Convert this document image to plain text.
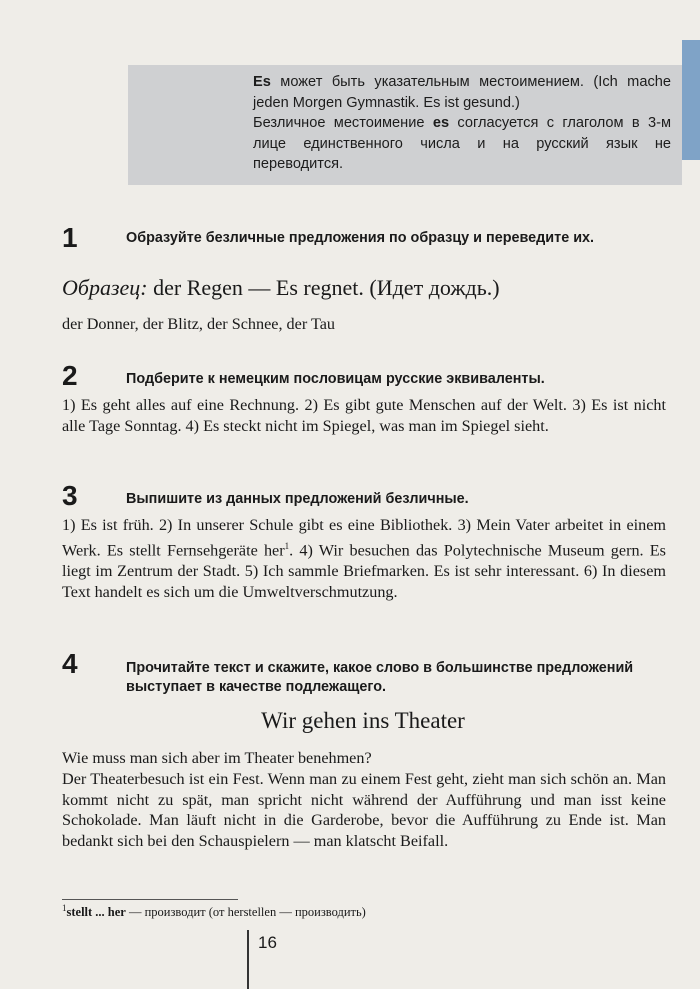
Es может быть указательным местоимением. (Ich mache jeden Morgen Gymnastik. Es ist gesund.)
Безличное местоимение es согласуется с глаголом в 3-м лице единственного числа и на русский язык не переводится.
1	Образуйте безличные предложения по образцу и переведите их.
Образец: der Regen — Es regnet. (Идет дождь.)
der Donner, der Blitz, der Schnee, der Tau
2	Подберите к немецким пословицам русские эквиваленты.
1) Es geht alles auf eine Rechnung. 2) Es gibt gute Menschen auf der Welt. 3) Es ist nicht alle Tage Sonntag. 4) Es steckt nicht im Spiegel, was man im Spiegel sieht.
3	Выпишите из данных предложений безличные.
1) Es ist früh. 2) In unserer Schule gibt es eine Bibliothek. 3) Mein Vater arbeitet in einem Werk. Es stellt Fernsehgeräte her$^1$. 4) Wir besuchen das Polytechnische Museum gern. Es liegt im Zentrum der Stadt. 5) Ich sammle Briefmarken. Es ist sehr interessant. 6) In diesem Text handelt es sich um die Umweltverschmutzung.
4	Прочитайте текст и скажите, какое слово в большинстве предложений выступает в качестве подлежащего.
Wir gehen ins Theater
Wie muss man sich aber im Theater benehmen?
Der Theaterbesuch ist ein Fest. Wenn man zu einem Fest geht, zieht man sich schön an. Man kommt nicht zu spät, man spricht nicht während der Aufführung und man isst keine Schokolade. Man läuft nicht in die Garderobe, bevor die Aufführung zu Ende ist. Man bedankt sich bei den Schauspielern — man klatscht Beifall.
$^1$stellt ... her — производит (от herstellen — производить)
16
